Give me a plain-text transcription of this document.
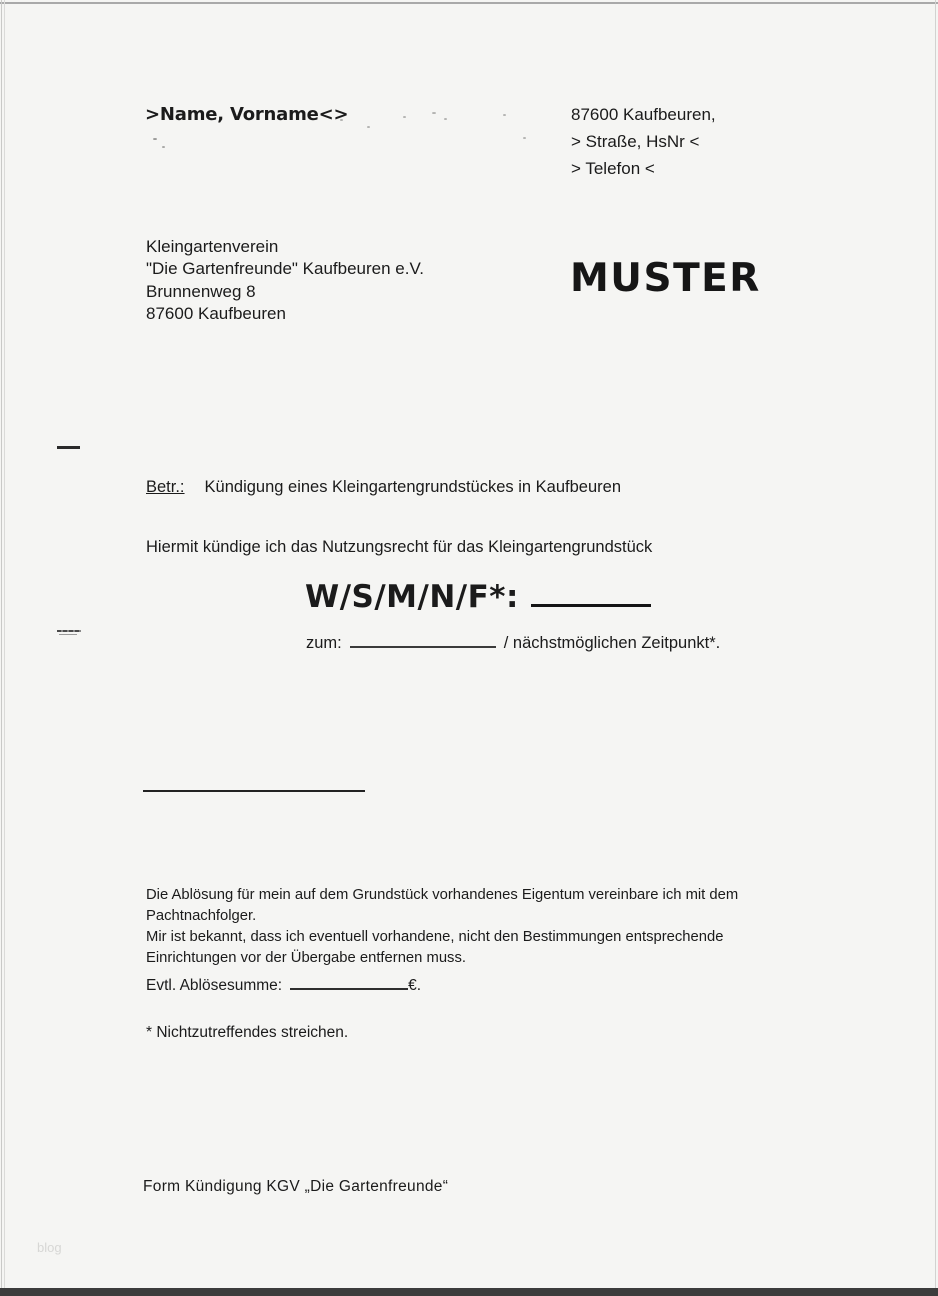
>Name, Vorname<>	87600 Kaufbeuren,
> Straße, HsNr <
> Telefon <
Kleingartenverein
"Die Gartenfreunde" Kaufbeuren e.V.
Brunnenweg 8
87600 Kaufbeuren
MUSTER
Betr.: Kündigung eines Kleingartengrundstückes in Kaufbeuren
Hiermit kündige ich das Nutzungsrecht für das Kleingartengrundstück
W/S/M/N/F*:
zum:	/ nächstmöglichen Zeitpunkt*.
Die Ablösung für mein auf dem Grundstück vorhandenes Eigentum vereinbare ich mit dem
Pachtnachfolger.
Mir ist bekannt, dass ich eventuell vorhandene, nicht den Bestimmungen entsprechende
Einrichtungen vor der Übergabe entfernen muss.
Evtl. Ablösesumme:	€.
* Nichtzutreffendes streichen.
Form Kündigung KGV „Die Gartenfreunde“
blog
